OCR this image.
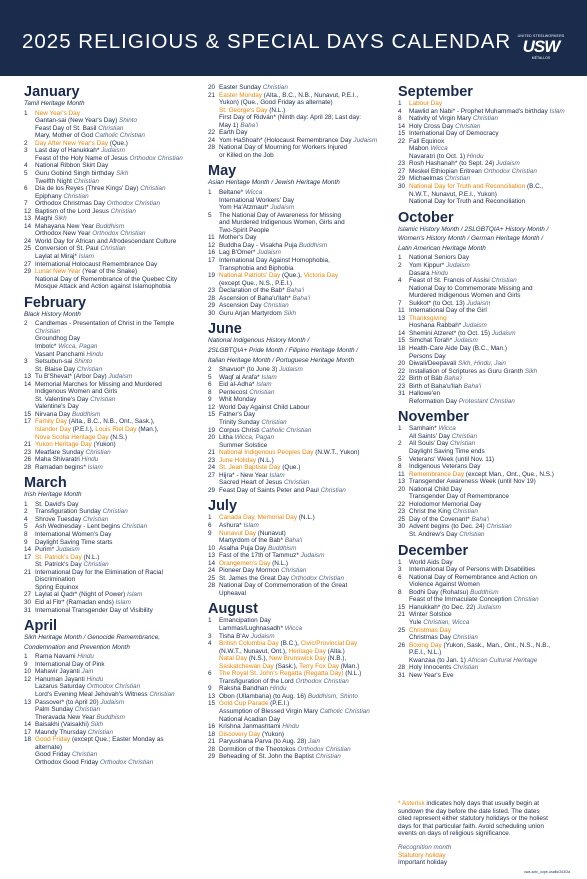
2025 RELIGIOUS & SPECIAL DAYS CALENDAR	UNITED STEELWORKERS
USW
MÉTALLOS
January
Tamil Heritage Month
1	New Year's Day
Gantan-sai (New Year's Day) Shinto
Feast Day of St. Basil Christian
Mary, Mother of God Catholic Christian
2	Day After New Year's Day (Que.)
3	Last day of Hanukkah* Judaism
Feast of the Holy Name of Jesus Orthodox Christian
4	National Ribbon Skirt Day
5	Guru Gobind Singh birthday Sikh
Twelfth Night Christian
6	Día de los Reyes (Three Kings' Day) Christian
Epiphany Christian
7	Orthodox Christmas Day Orthodox Christian
12 Baptism of the Lord Jesus Christian
13 Maghi Sikh
14 Mahayana New Year Buddhism
Orthodox New Year Orthodox Christian
24 World Day for African and Afrodescendant Culture
25 Conversion of St. Paul Christian
Laylat al Miraj* Islam
27 International Holocaust Remembrance Day
29 Lunar New Year (Year of the Snake)
National Day of Remembrance of the Quebec City
Mosque Attack and Action against Islamophobia
February
Black History Month
2	Candlemas - Presentation of Christ in the Temple
Christian
Groundhog Day
Imbolc* Wicca, Pagan
Vasant Panchami Hindu
3	Setsubun-sai Shinto
St. Blaise Day Christian
13 Tu B'Shevat* (Arbor Day) Judaism
14 Memorial Marches for Missing and Murdered
Indigenous Women and Girls
St. Valentine's Day Christian
Valentine's Day
15 Nirvana Day Buddhism
17 Family Day (Alta., B.C., N.B., Ont., Sask.),
Islander Day (P.E.I.), Louis Riel Day (Man.),
Nova Scotia Heritage Day (N.S.)
21 Yukon Heritage Day (Yukon)
23 Meatfare Sunday Christian
26 Maha Shivaratri Hindu
28 Ramadan begins* Islam
March
Irish Heritage Month
1	St. David's Day
2	Transfiguration Sunday Christian
4	Shrove Tuesday Christian
5	Ash Wednesday - Lent begins Christian
8	International Women's Day
9	Daylight Saving Time starts
14 Purim* Judaism
17 St. Patrick's Day (N.L.)
St. Patrick's Day Christian
21 International Day for the Elimination of Racial
Discrimination
Spring Equinox
27 Laylat al Qadr* (Night of Power) Islam
30 Eid al Fitr* (Ramadan ends) Islam
31 International Transgender Day of Visibility
April
Sikh Heritage Month / Genocide Remembrance,
Condemnation and Prevention Month
1	Rama Navami Hindu
9	International Day of Pink
10 Mahavir Jayanti Jain
12 Hanuman Jayanti Hindu
Lazarus Saturday Orthodox Christian
Lord's Evening Meal Jehovah's Witness Christian
13 Passover* (to April 20) Judaism
Palm Sunday Christian
Theravada New Year Buddhism
14 Baisakhi (Vaisakhi) Sikh
17 Maundy Thursday Christian
18 Good Friday (except Que.; Easter Monday as
alternate)
Good Friday Christian
Orthodox Good Friday Orthodox Christian
20 Easter Sunday Christian
21 Easter Monday (Alta., B.C., N.B., Nunavut, P.E.I.,
Yukon) (Que., Good Friday as alternate)
St. George's Day (N.L.)
First Day of Ridván* (Ninth day: April 28; Last day:
May 1) Baha'i
22 Earth Day
24 Yom HaShoah* (Holocaust Remembrance Day Judaism
28 National Day of Mourning for Workers Injured
or Killed on the Job
May
Asian Heritage Month / Jewish Heritage Month
1	Beltane* Wicca
International Workers' Day
Yom Ha'Atzmaut* Judaism
5	The National Day of Awareness for Missing
and Murdered Indigenous Women, Girls and
Two-Spirit People
11 Mother's Day
12 Buddha Day - Visakha Puja Buddhism
16 Lag B'Omer* Judaism
17 International Day Against Homophobia,
Transphobia and Biphobia
19 National Patriots' Day (Que.), Victoria Day
(except Que., N.S., P.E.I.)
23 Declaration of the Bab* Baha'i
28 Ascension of Baha'u'llah* Baha'i
29 Ascension Day Christian
30 Guru Arjan Martyrdom Sikh
June
National Indigenous History Month /
2SLGBTQIA+ Pride Month / Filipino Heritage Month /
Italian Heritage Month / Portuguese Heritage Month
2	Shavuot* (to June 3) Judaism
5	Waqf al Arafa* Islam
6	Eid al-Adha* Islam
8	Pentecost Christian
9	Whit Monday
12 World Day Against Child Labour
15 Father's Day
Trinity Sunday Christian
19 Corpus Christi Catholic Christian
20 Litha Wicca, Pagan
Summer Solstice
21 National Indigenous Peoples Day (N.W.T., Yukon)
23 June Holiday (N.L.)
24 St. Jean Baptiste Day (Que.)
27 Hijra* - New Year Islam
Sacred Heart of Jesus Christian
29 Feast Day of Saints Peter and Paul Christian
July
1	Canada Day, Memorial Day (N.L.)
6	Ashura* Islam
9	Nunavut Day (Nunavut)
Martyrdom of the Bab* Baha'i
10 Asalha Puja Day Buddhism
13 Fast of the 17th of Tammuz* Judaism
14 Orangemen's Day (N.L.)
24 Pioneer Day Mormon Christian
25 St. James the Great Day Orthodox Christian
28 National Day of Commemoration of the Great
Upheaval
August
1	Emancipation Day
Lammas/Lughnasadh* Wicca
3	Tisha B'Av Judaism
4	British Columbia Day (B.C.), Civic/Provincial Day
(N.W.T., Nunavut, Ont.), Heritage Day (Alta.)
Natal Day (N.S.), New Brunswick Day (N.B.),
Saskatchewan Day (Sask.), Terry Fox Day (Man.)
6	The Royal St. John's Regatta (Regatta Day) (N.L.)
Transfiguration of the Lord Orthodox Christian
9	Raksha Bandhan Hindu
13 Obon (Ullambana) (to Aug. 16) Buddhism, Shinto
15 Gold Cup Parade (P.E.I.)
Assumption of Blessed Virgin Mary Catholic Christian
National Acadian Day
16 Krishna Janmashtami Hindu
18 Discovery Day (Yukon)
21 Paryushana Parva (to Aug. 28) Jain
28 Dormition of the Theotokos Orthodox Christian
29 Beheading of St. John the Baptist Christian
September
1	Labour Day
4	Mawlid an Nabi* - Prophet Muhammad's birthday Islam
8	Nativity of Virgin Mary Christian
14 Holy Cross Day Christian
15 International Day of Democracy
22 Fall Equinox
Mabon Wicca
Navaratri (to Oct. 1) Hindu
23 Rosh Hashanah* (to Sept. 24) Judaism
27 Meskel Ethiopian Eritrean Orthodox Christian
29 Michaelmas Christian
30 National Day for Truth and Reconciliation (B.C.,
N.W.T., Nunavut, P.E.I., Yukon)
National Day for Truth and Reconciliation
October
Islamic History Month / 2SLGBTQIA+ History Month /
Women's History Month / German Heritage Month /
Latin American Heritage Month
1	National Seniors Day
2	Yom Kippur* Judaism
Dasara Hindu
4	Feast of St. Francis of Assisi Christian
National Day to Commemorate Missing and
Murdered Indigenous Women and Girls
7	Sukkot* (to Oct. 13) Judaism
11 International Day of the Girl
13 Thanksgiving
Hoshana Rabbah* Judaism
14 Shemini Atzeret* (to Oct. 15) Judaism
15 Simchat Torah* Judaism
18 Health-Care Aide Day (B.C., Man.)
Persons Day
20 Diwali/Deepavali Sikh, Hindu, Jain
22 Installation of Scriptures as Guru Granth Sikh
22 Birth of Báb Baha'i
23 Birth of Baha'u'llah Baha'i
31 Hallowe'en
Reformation Day Protestant Christian
November
1	Samhain* Wicca
All Saints' Day Christian
2	All Souls' Day Christian
Daylight Saving Time ends
5	Veterans' Week (until Nov. 11)
8	Indigenous Veterans Day
11 Remembrance Day (except Man., Ont., Que., N.S.)
13 Transgender Awareness Week (until Nov 19)
20 National Child Day
Transgender Day of Remembrance
22 Holodomor Memorial Day
23 Christ the King Christian
25 Day of the Covenant* Baha'i
30 Advent begins (to Dec. 24) Christian
St. Andrew's Day Christian
December
1	World Aids Day
3	International Day of Persons with Disabilities
6	National Day of Remembrance and Action on
Violence Against Women
8	Bodhi Day (Rohatsu) Buddhism
Feast of the Immaculate Conception Christian
15 Hanukkah* (to Dec. 22) Judaism
21 Winter Solstice
Yule Christian, Wicca
25 Christmas Day
Christmas Day Christian
26 Boxing Day (Yukon, Sask., Man., Ont., N.S., N.B.,
P.E.I., N.L.)
Kwanzaa (to Jan. 1) African Cultural Heritage
28 Holy Innocents Christian
31 New Year's Eve
* Asterisk indicates holy days that usually begin at
sundown the day before the date listed. The dates
cited represent either statutory holidays or the holiest
days for that particular faith. Avoid scheduling union
events on days of religious significance.
Recognition month
Statutory holiday
Important holiday
cwa-scfc_cope-usalls/343/2a
